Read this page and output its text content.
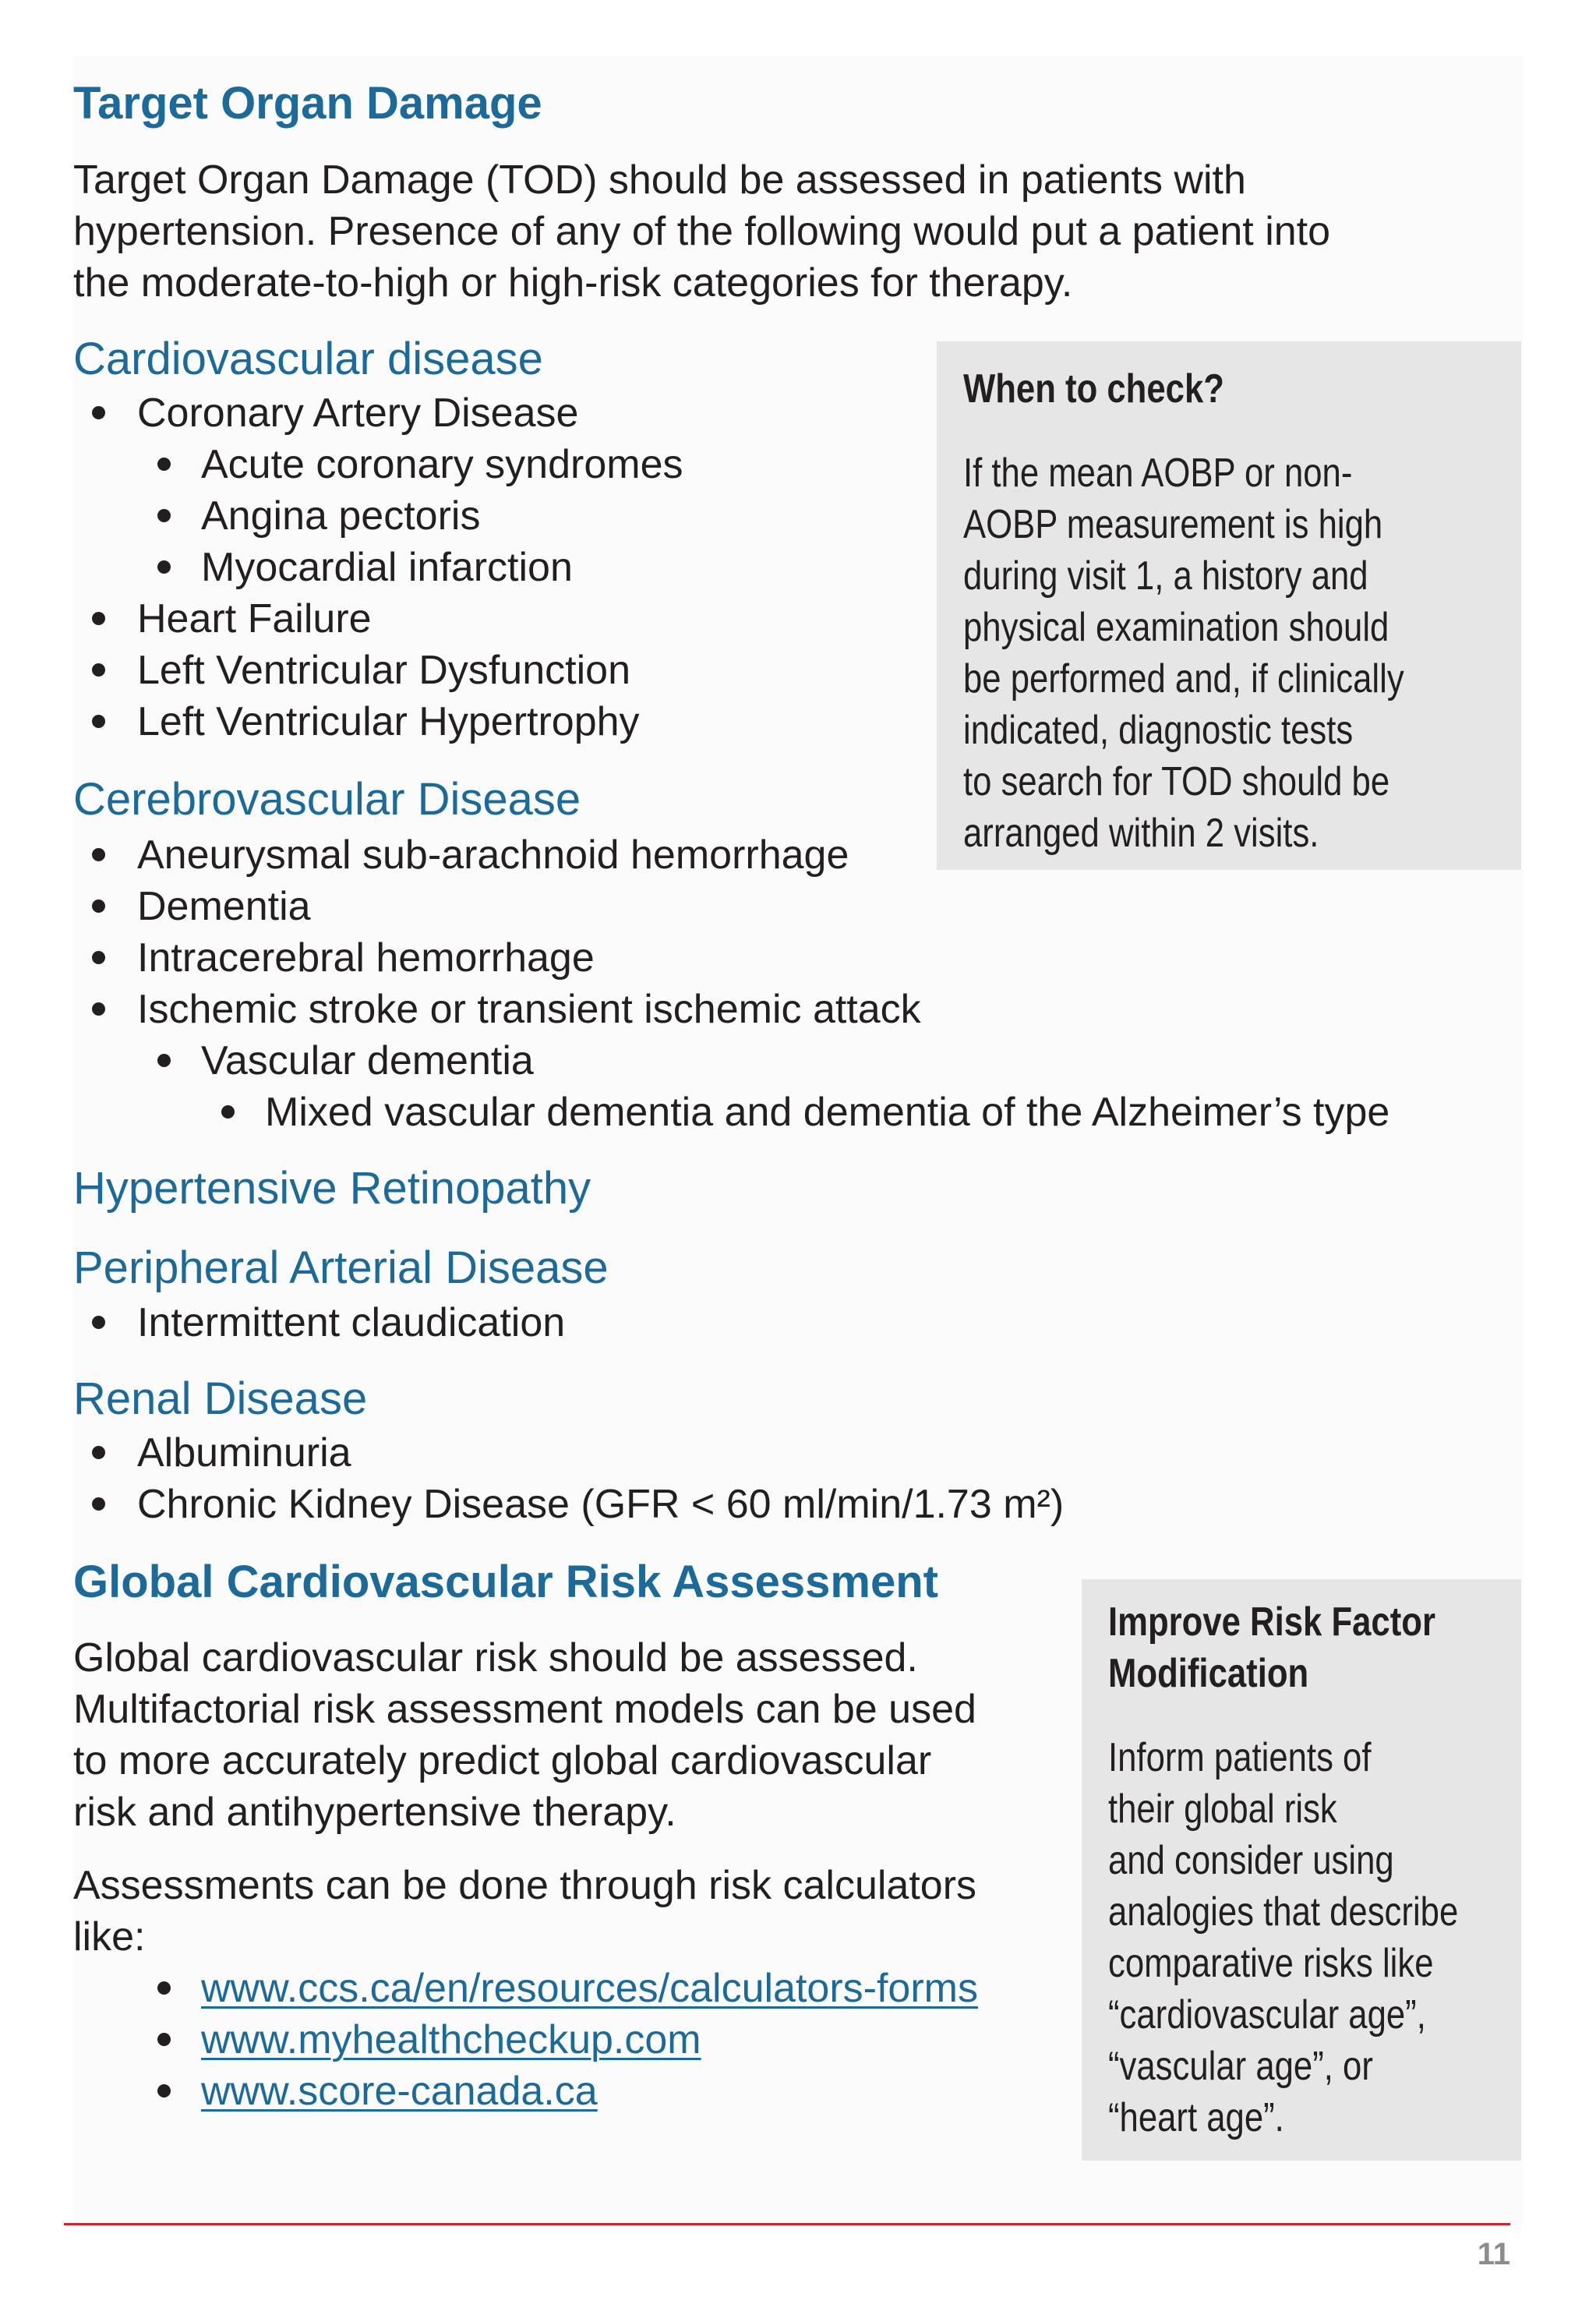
Target Organ Damage

Target Organ Damage (TOD) should be assessed in patients with
hypertension. Presence of any of the following would put a patient into
the moderate-to-high or high-risk categories for therapy.

Cardiovascular disease
Coronary Artery Disease
Acute coronary syndromes
Angina pectoris
Myocardial infarction
Heart Failure
Left Ventricular Dysfunction
Left Ventricular Hypertrophy
When to check?
If the mean AOBP or non-
AOBP measurement is high
during visit 1, a history and
physical examination should
be performed and, if clinically
indicated, diagnostic tests
to search for TOD should be
arranged within 2 visits.
Cerebrovascular Disease
Aneurysmal sub-arachnoid hemorrhage
Dementia
Intracerebral hemorrhage
Ischemic stroke or transient ischemic attack
Vascular dementia
Mixed vascular dementia and dementia of the Alzheimer’s type
Hypertensive Retinopathy
Peripheral Arterial Disease
Intermittent claudication
Renal Disease
Albuminuria
Chronic Kidney Disease (GFR < 60 ml/min/1.73 m²)
Global Cardiovascular Risk Assessment

Global cardiovascular risk should be assessed.
Multifactorial risk assessment models can be used
to more accurately predict global cardiovascular
risk and antihypertensive therapy.

Assessments can be done through risk calculators
like:

www.ccs.ca/en/resources/calculators-forms
www.myhealthcheckup.com
www.score-canada.ca
Improve Risk Factor
Modification
Inform patients of
their global risk
and consider using
analogies that describe
comparative risks like
“cardiovascular age”,
“vascular age”, or
“heart age”.
11
